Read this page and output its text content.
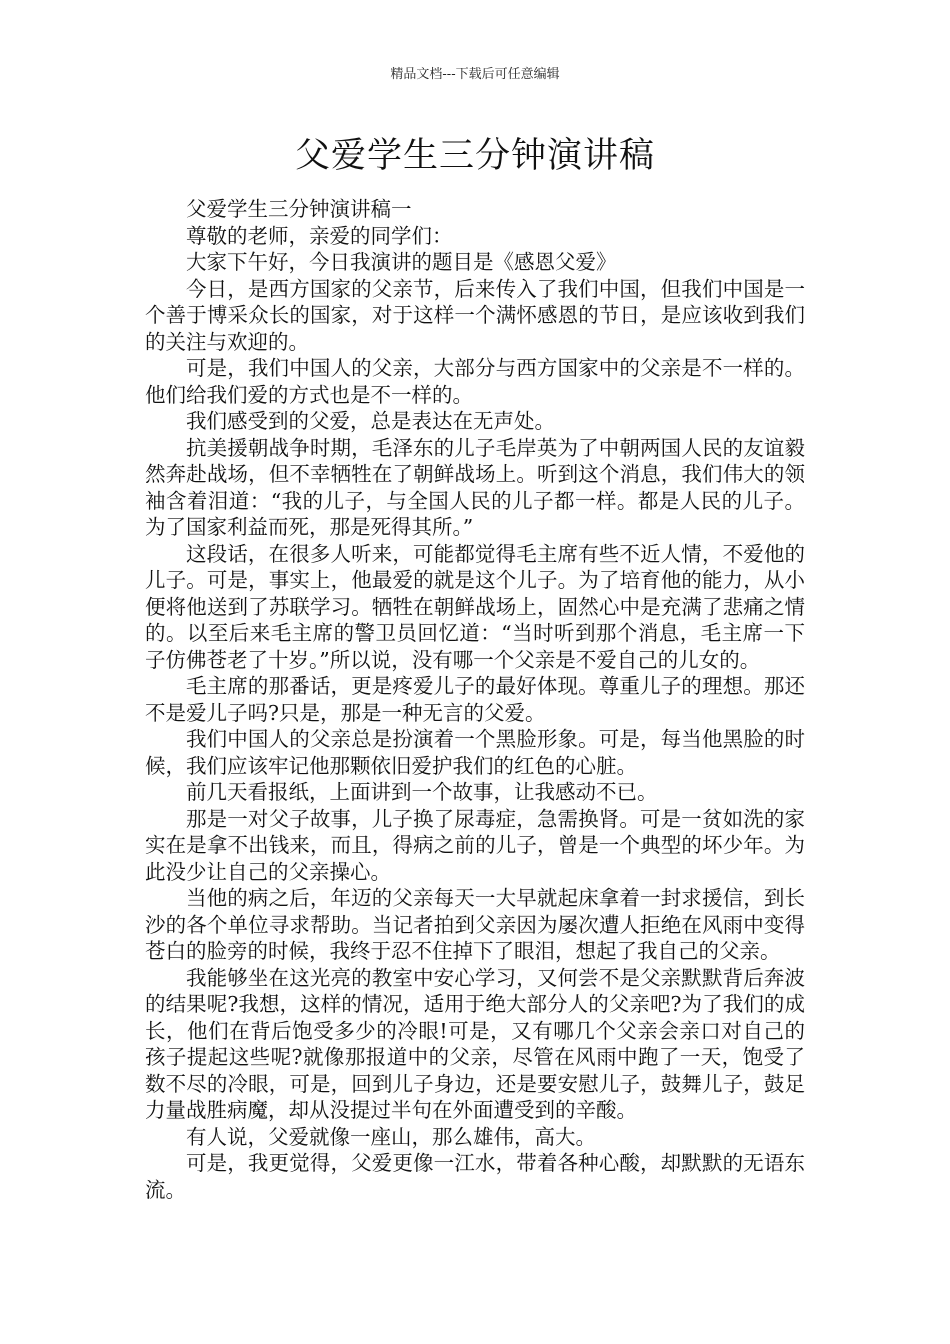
精品文档---下载后可任意编辑
父爱学生三分钟演讲稿

父爱学生三分钟演讲稿一

尊敬的老师，亲爱的同学们：

大家下午好，今日我演讲的题目是《感恩父爱》

今日，是西方国家的父亲节，后来传入了我们中国，但我们中国是一个善于博采众长的国家，对于这样一个满怀感恩的节日，是应该收到我们的关注与欢迎的。

可是，我们中国人的父亲，大部分与西方国家中的父亲是不一样的。他们给我们爱的方式也是不一样的。

我们感受到的父爱，总是表达在无声处。

抗美援朝战争时期，毛泽东的儿子毛岸英为了中朝两国人民的友谊毅然奔赴战场，但不幸牺牲在了朝鲜战场上。听到这个消息，我们伟大的领袖含着泪道：“我的儿子，与全国人民的儿子都一样。都是人民的儿子。为了国家利益而死，那是死得其所。”

这段话，在很多人听来，可能都觉得毛主席有些不近人情，不爱他的儿子。可是，事实上，他最爱的就是这个儿子。为了培育他的能力，从小便将他送到了苏联学习。牺牲在朝鲜战场上，固然心中是充满了悲痛之情的。以至后来毛主席的警卫员回忆道：“当时听到那个消息，毛主席一下子仿佛苍老了十岁。”所以说，没有哪一个父亲是不爱自己的儿女的。

毛主席的那番话，更是疼爱儿子的最好体现。尊重儿子的理想。那还不是爱儿子吗?只是，那是一种无言的父爱。

我们中国人的父亲总是扮演着一个黑脸形象。可是，每当他黑脸的时候，我们应该牢记他那颗依旧爱护我们的红色的心脏。

前几天看报纸，上面讲到一个故事，让我感动不已。

那是一对父子故事，儿子换了尿毒症，急需换肾。可是一贫如洗的家实在是拿不出钱来，而且，得病之前的儿子，曾是一个典型的坏少年。为此没少让自己的父亲操心。

当他的病之后，年迈的父亲每天一大早就起床拿着一封求援信，到长沙的各个单位寻求帮助。当记者拍到父亲因为屡次遭人拒绝在风雨中变得苍白的脸旁的时候，我终于忍不住掉下了眼泪，想起了我自己的父亲。

我能够坐在这光亮的教室中安心学习，又何尝不是父亲默默背后奔波的结果呢?我想，这样的情况，适用于绝大部分人的父亲吧?为了我们的成长，他们在背后饱受多少的冷眼!可是，又有哪几个父亲会亲口对自己的孩子提起这些呢?就像那报道中的父亲，尽管在风雨中跑了一天，饱受了数不尽的冷眼，可是，回到儿子身边，还是要安慰儿子，鼓舞儿子，鼓足力量战胜病魔，却从没提过半句在外面遭受到的辛酸。

有人说，父爱就像一座山，那么雄伟，高大。

可是，我更觉得，父爱更像一江水，带着各种心酸，却默默的无语东流。
